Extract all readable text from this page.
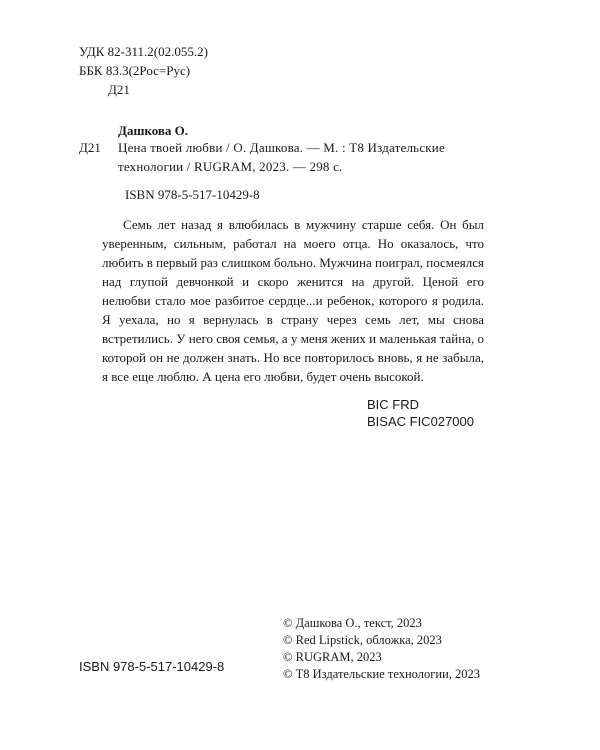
УДК 82-311.2(02.055.2)
ББК 83.3(2Рос=Рус)
Д21
Дашкова О.
Д21 Цена твоей любви / О. Дашкова. — М. : Т8 Издательские технологии / RUGRAM, 2023. — 298 с.
ISBN 978-5-517-10429-8
Семь лет назад я влюбилась в мужчину старше себя. Он был уверенным, сильным, работал на моего отца. Но оказалось, что любить в первый раз слишком больно. Мужчина поиграл, посмеялся над глупой девчонкой и скоро женится на другой. Ценой его нелюбви стало мое разбитое сердце...и ребенок, которого я родила. Я уехала, но я вернулась в страну через семь лет, мы снова встретились. У него своя семья, а у меня жених и маленькая тайна, о которой он не должен знать. Но все повторилось вновь, я не забыла, я все еще люблю. А цена его любви, будет очень высокой.
BIC FRD
BISAC FIC027000
ISBN 978-5-517-10429-8
© Дашкова О., текст, 2023
© Red Lipstick, обложка, 2023
© RUGRAM, 2023
© Т8 Издательские технологии, 2023
